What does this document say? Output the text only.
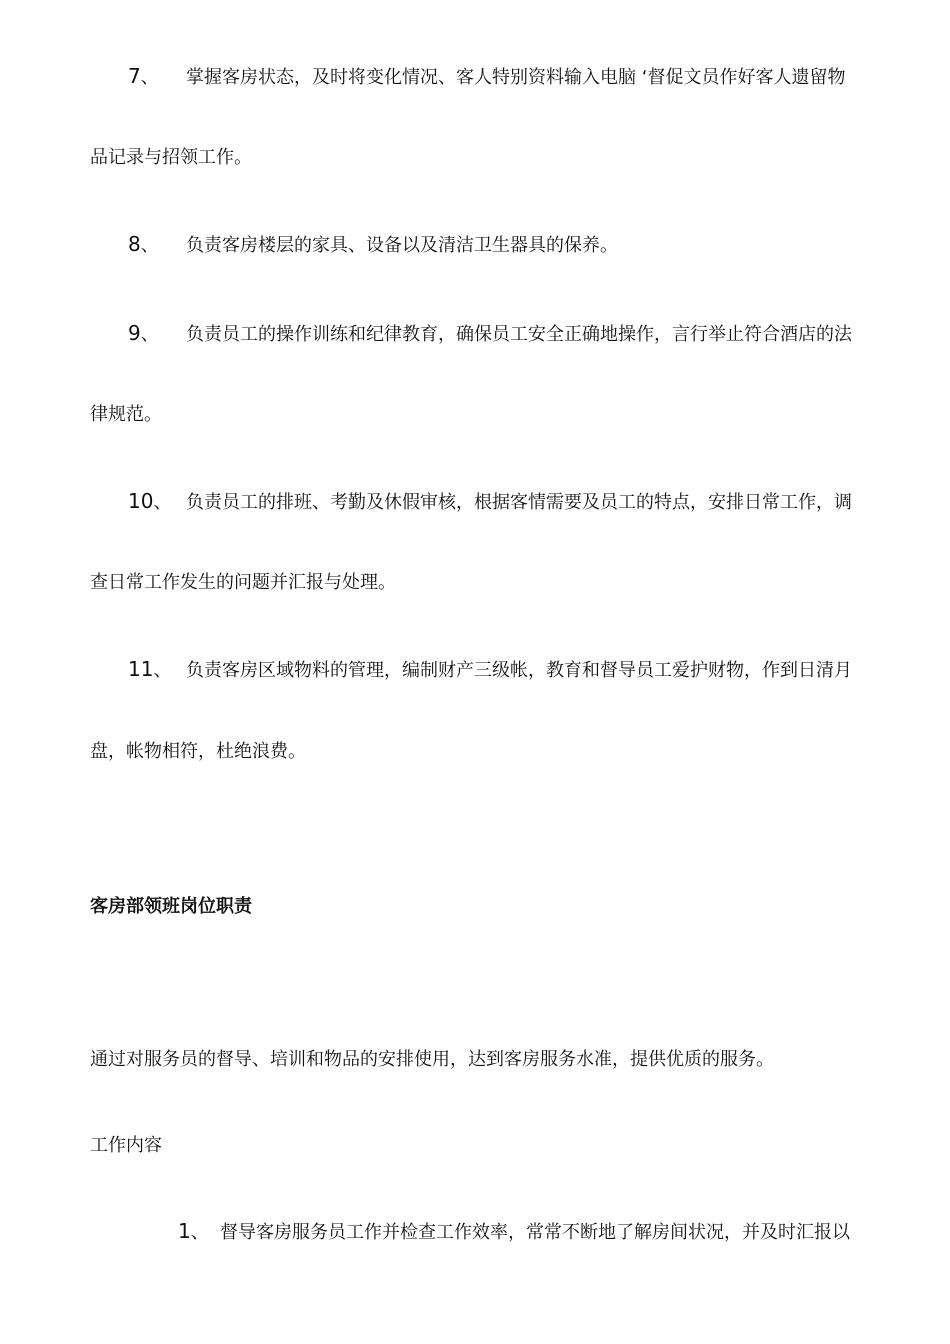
7、 掌握客房状态，及时将变化情况、客人特别资料输入电脑 ‘督促文员作好客人遗留物
品记录与招领工作。
8、 负责客房楼层的家具、设备以及清洁卫生器具的保养。
9、 负责员工的操作训练和纪律教育，确保员工安全正确地操作，言行举止符合酒店的法
律规范。
10、 负责员工的排班、考勤及休假审核，根据客情需要及员工的特点，安排日常工作，调
查日常工作发生的问题并汇报与处理。
11、 负责客房区域物料的管理，编制财产三级帐，教育和督导员工爱护财物，作到日清月
盘，帐物相符，杜绝浪费。
客房部领班岗位职责
通过对服务员的督导、培训和物品的安排使用，达到客房服务水准，提供优质的服务。
工作内容
1、 督导客房服务员工作并检查工作效率，常常不断地了解房间状况，并及时汇报以
